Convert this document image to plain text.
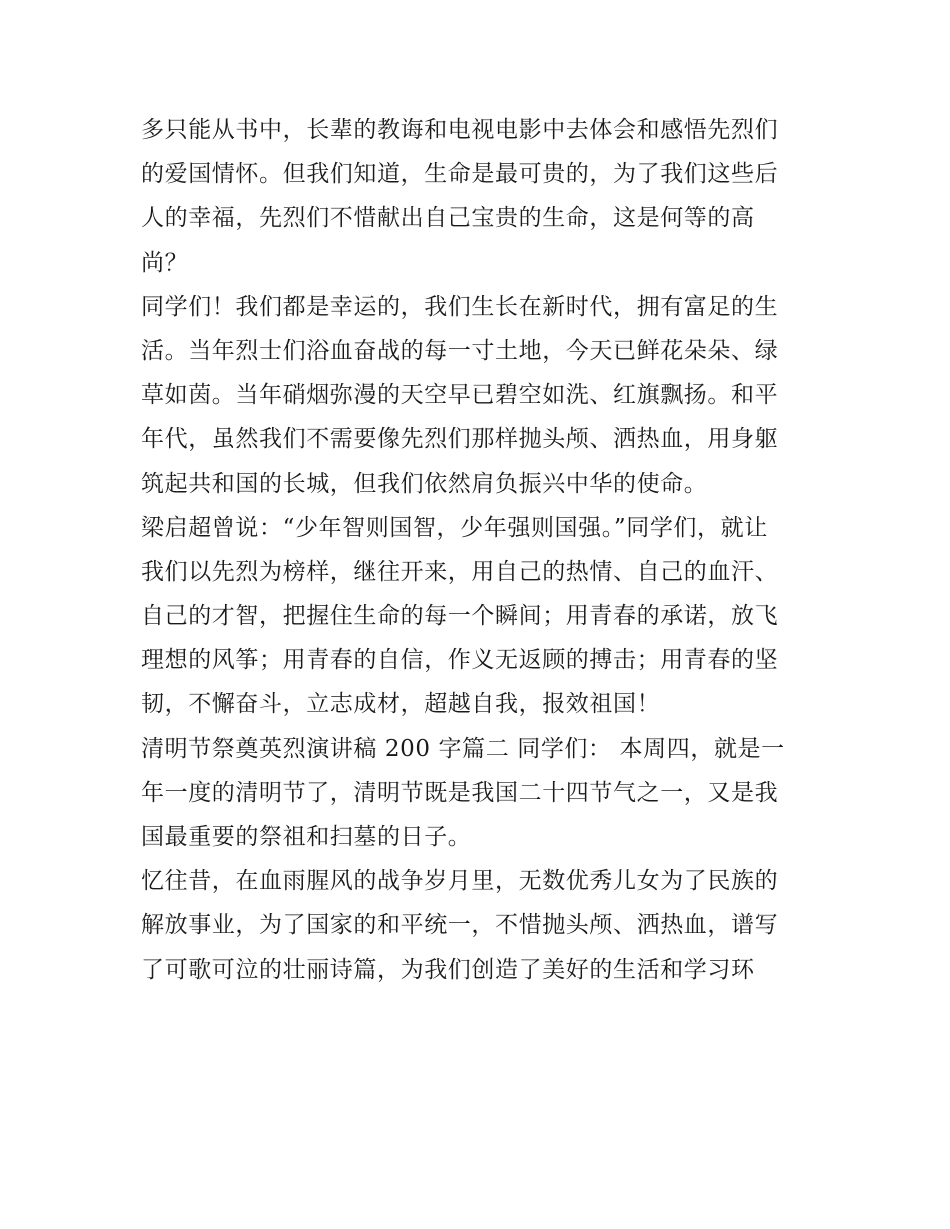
多只能从书中，长辈的教诲和电视电影中去体会和感悟先烈们
的爱国情怀。但我们知道，生命是最可贵的，为了我们这些后
人的幸福，先烈们不惜献出自己宝贵的生命，这是何等的高
尚？
同学们！我们都是幸运的，我们生长在新时代，拥有富足的生
活。当年烈士们浴血奋战的每一寸土地，今天已鲜花朵朵、绿
草如茵。当年硝烟弥漫的天空早已碧空如洗、红旗飘扬。和平
年代，虽然我们不需要像先烈们那样抛头颅、洒热血，用身躯
筑起共和国的长城，但我们依然肩负振兴中华的使命。
梁启超曾说：“少年智则国智，少年强则国强。”同学们，就让
我们以先烈为榜样，继往开来，用自己的热情、自己的血汗、
自己的才智，把握住生命的每一个瞬间；用青春的承诺，放飞
理想的风筝；用青春的自信，作义无返顾的搏击；用青春的坚
韧，不懈奋斗，立志成材，超越自我，报效祖国！
清明节祭奠英烈演讲稿 200 字篇二 同学们： 本周四，就是一
年一度的清明节了，清明节既是我国二十四节气之一，又是我
国最重要的祭祖和扫墓的日子。
忆往昔，在血雨腥风的战争岁月里，无数优秀儿女为了民族的
解放事业，为了国家的和平统一，不惜抛头颅、洒热血，谱写
了可歌可泣的壮丽诗篇，为我们创造了美好的生活和学习环
